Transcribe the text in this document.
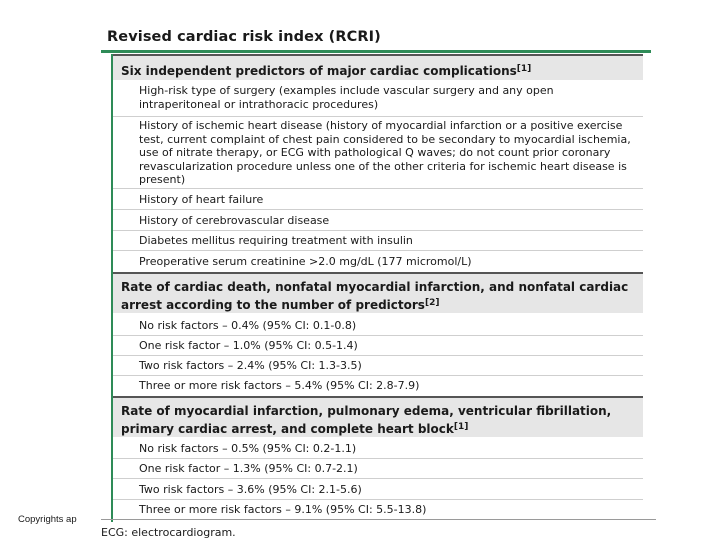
Revised cardiac risk index (RCRI)
Six independent predictors of major cardiac complications[1]
High-risk type of surgery (examples include vascular surgery and any open intraperitoneal or intrathoracic procedures)
History of ischemic heart disease (history of myocardial infarction or a positive exercise test, current complaint of chest pain considered to be secondary to myocardial ischemia, use of nitrate therapy, or ECG with pathological Q waves; do not count prior coronary revascularization procedure unless one of the other criteria for ischemic heart disease is present)
History of heart failure
History of cerebrovascular disease
Diabetes mellitus requiring treatment with insulin
Preoperative serum creatinine >2.0 mg/dL (177 micromol/L)
Rate of cardiac death, nonfatal myocardial infarction, and nonfatal cardiac arrest according to the number of predictors[2]
No risk factors – 0.4% (95% CI: 0.1-0.8)
One risk factor – 1.0% (95% CI: 0.5-1.4)
Two risk factors – 2.4% (95% CI: 1.3-3.5)
Three or more risk factors – 5.4% (95% CI: 2.8-7.9)
Rate of myocardial infarction, pulmonary edema, ventricular fibrillation, primary cardiac arrest, and complete heart block[1]
No risk factors – 0.5% (95% CI: 0.2-1.1)
One risk factor – 1.3% (95% CI: 0.7-2.1)
Two risk factors – 3.6% (95% CI: 2.1-5.6)
Three or more risk factors – 9.1% (95% CI: 5.5-13.8)
Copyrights ap
ECG: electrocardiogram.
